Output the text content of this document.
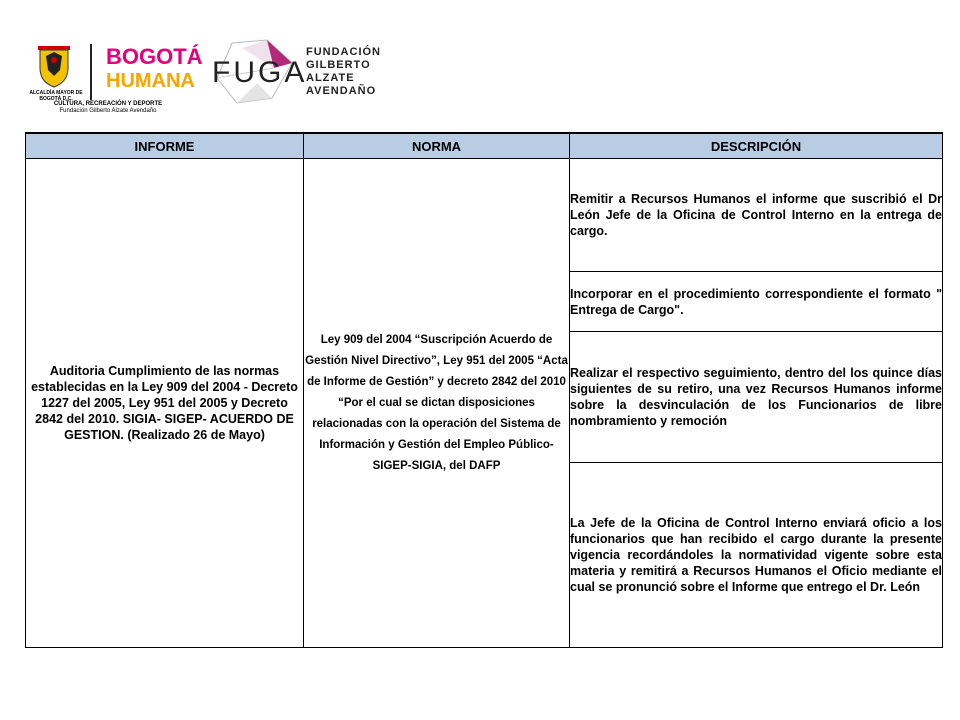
ALCALDÍA MAYOR DE BOGOTÁ D.C.
BOGOTÁ
HUMANA
CULTURA, RECREACIÓN Y DEPORTE
Fundación Gilberto Alzate Avendaño
FUGA
FUNDACIÓN
GILBERTO
ALZATE
AVENDAÑO
INFORME	NORMA	DESCRIPCIÓN
Auditoria Cumplimiento de las normas establecidas en la Ley 909 del 2004 - Decreto 1227 del 2005, Ley 951 del 2005 y Decreto 2842 del 2010. SIGIA- SIGEP- ACUERDO DE GESTION. (Realizado 26 de Mayo)	Ley 909 del 2004 “Suscripción Acuerdo de Gestión Nivel Directivo”, Ley 951 del 2005 “Acta de Informe de Gestión” y decreto 2842 del 2010 “Por el cual se dictan disposiciones relacionadas con la operación del Sistema de Información y Gestión del Empleo Público-SIGEP-SIGIA, del DAFP	Remitir a Recursos Humanos el informe que suscribió el Dr León Jefe de la Oficina de Control Interno en la entrega de cargo.
		Incorporar en el procedimiento correspondiente el formato " Entrega de Cargo".
		Realizar el respectivo seguimiento, dentro del los quince días siguientes de su retiro, una vez Recursos Humanos informe sobre la desvinculación de los Funcionarios de libre nombramiento y remoción
		La Jefe de la Oficina de Control Interno enviará oficio a los funcionarios que han recibido el cargo durante la presente vigencia recordándoles la normatividad vigente sobre esta materia y remitirá a Recursos Humanos el Oficio mediante el cual se pronunció sobre el Informe que entrego el Dr. León
